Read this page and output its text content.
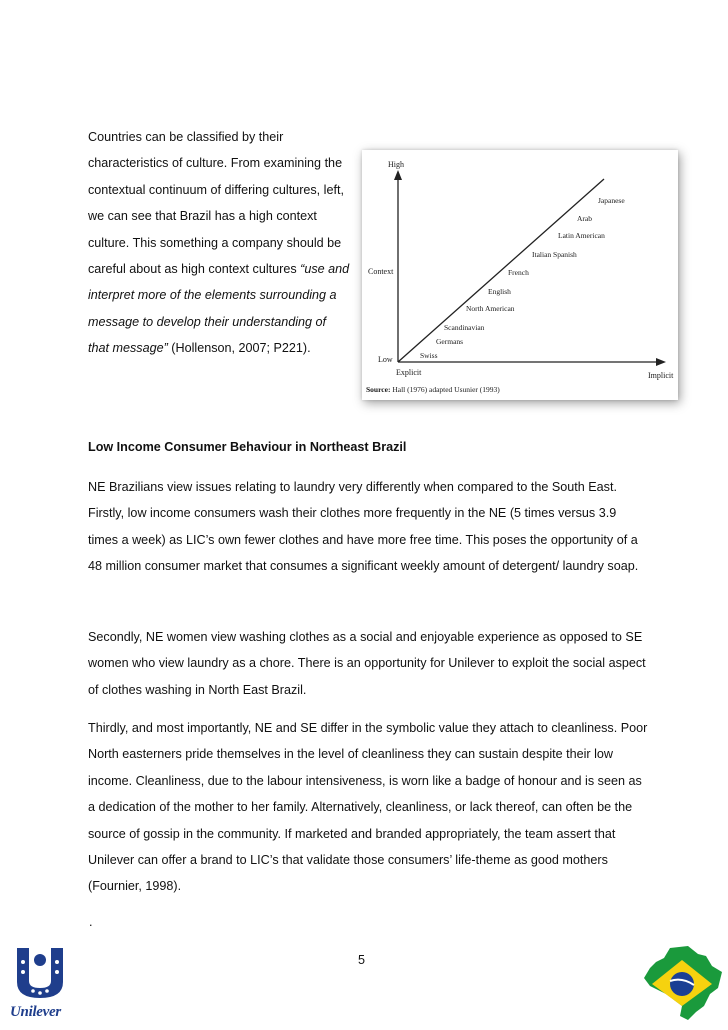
Countries can be classified by their characteristics of culture. From examining the contextual continuum of differing cultures, left, we can see that Brazil has a high context culture. This something a company should be careful about as high context cultures “use and interpret more of the elements surrounding a message to develop their understanding of that message” (Hollenson, 2007; P221).

High
Context
Low
Explicit	Implicit
Japanese
Arab
Latin American
Italian Spanish
French
English
North American
Scandinavian
Germans
Swiss
Source: Hall (1976) adapted Usunier (1993)
Low Income Consumer Behaviour in Northeast Brazil

NE Brazilians view issues relating to laundry very differently when compared to the South East. Firstly, low income consumers wash their clothes more frequently in the NE (5 times versus 3.9 times a week) as LIC’s own fewer clothes and have more free time. This poses the opportunity of a 48 million consumer market that consumes a significant weekly amount of detergent/ laundry soap.

Secondly, NE women view washing clothes as a social and enjoyable experience as opposed to SE women who view laundry as a chore. There is an opportunity for Unilever to exploit the social aspect of clothes washing in North East Brazil.

Thirdly, and most importantly, NE and SE differ in the symbolic value they attach to cleanliness. Poor North easterners pride themselves in the level of cleanliness they can sustain despite their low income. Cleanliness, due to the labour intensiveness, is worn like a badge of honour and is seen as a dedication of the mother to her family. Alternatively, cleanliness, or lack thereof, can often be the source of gossip in the community. If marketed and branded appropriately, the team assert that Unilever can offer a brand to LIC’s that validate those consumers’ life-theme as good mothers (Fournier, 1998).

.

5

Unilever
